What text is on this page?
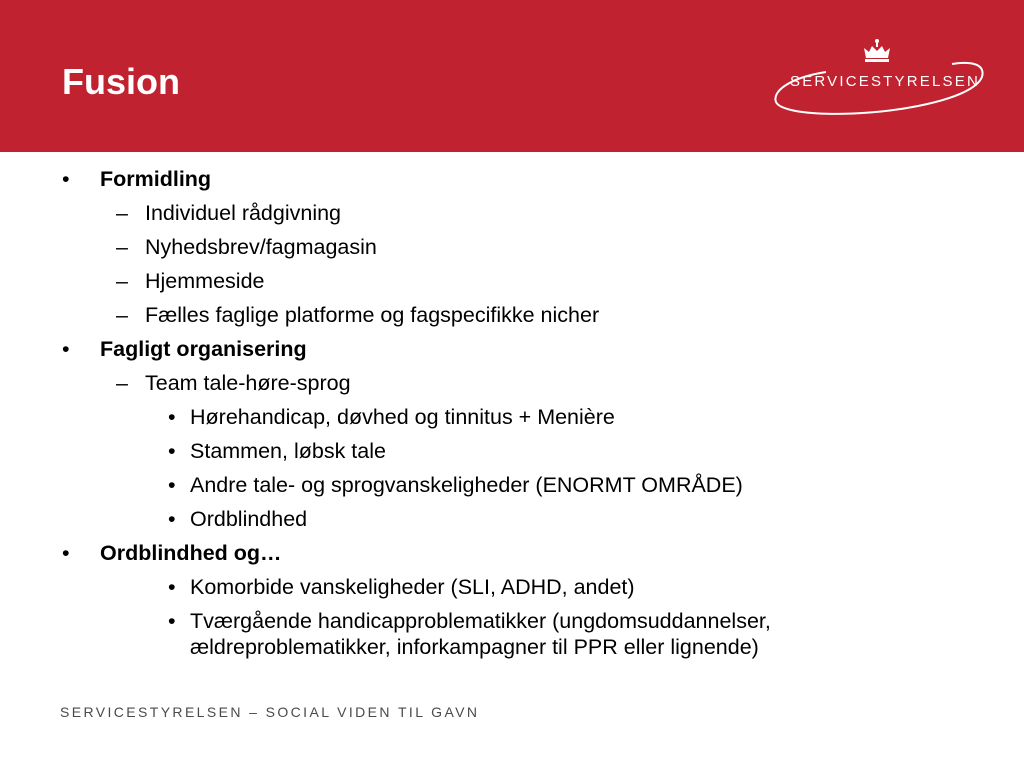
Fusion	SERVICESTYRELSEN
• Formidling
– Individuel rådgivning
– Nyhedsbrev/fagmagasin
– Hjemmeside
– Fælles faglige platforme og fagspecifikke nicher
• Fagligt organisering
– Team tale-høre-sprog
• Hørehandicap, døvhed og tinnitus + Menière
• Stammen, løbsk tale
• Andre tale- og sprogvanskeligheder (ENORMT OMRÅDE)
• Ordblindhed
• Ordblindhed og…
• Komorbide vanskeligheder (SLI, ADHD, andet)
• Tværgående handicapproblematikker (ungdomsuddannelser, ældreproblematikker, inforkampagner til PPR eller lignende)
SERVICESTYRELSEN – SOCIAL VIDEN TIL GAVN
